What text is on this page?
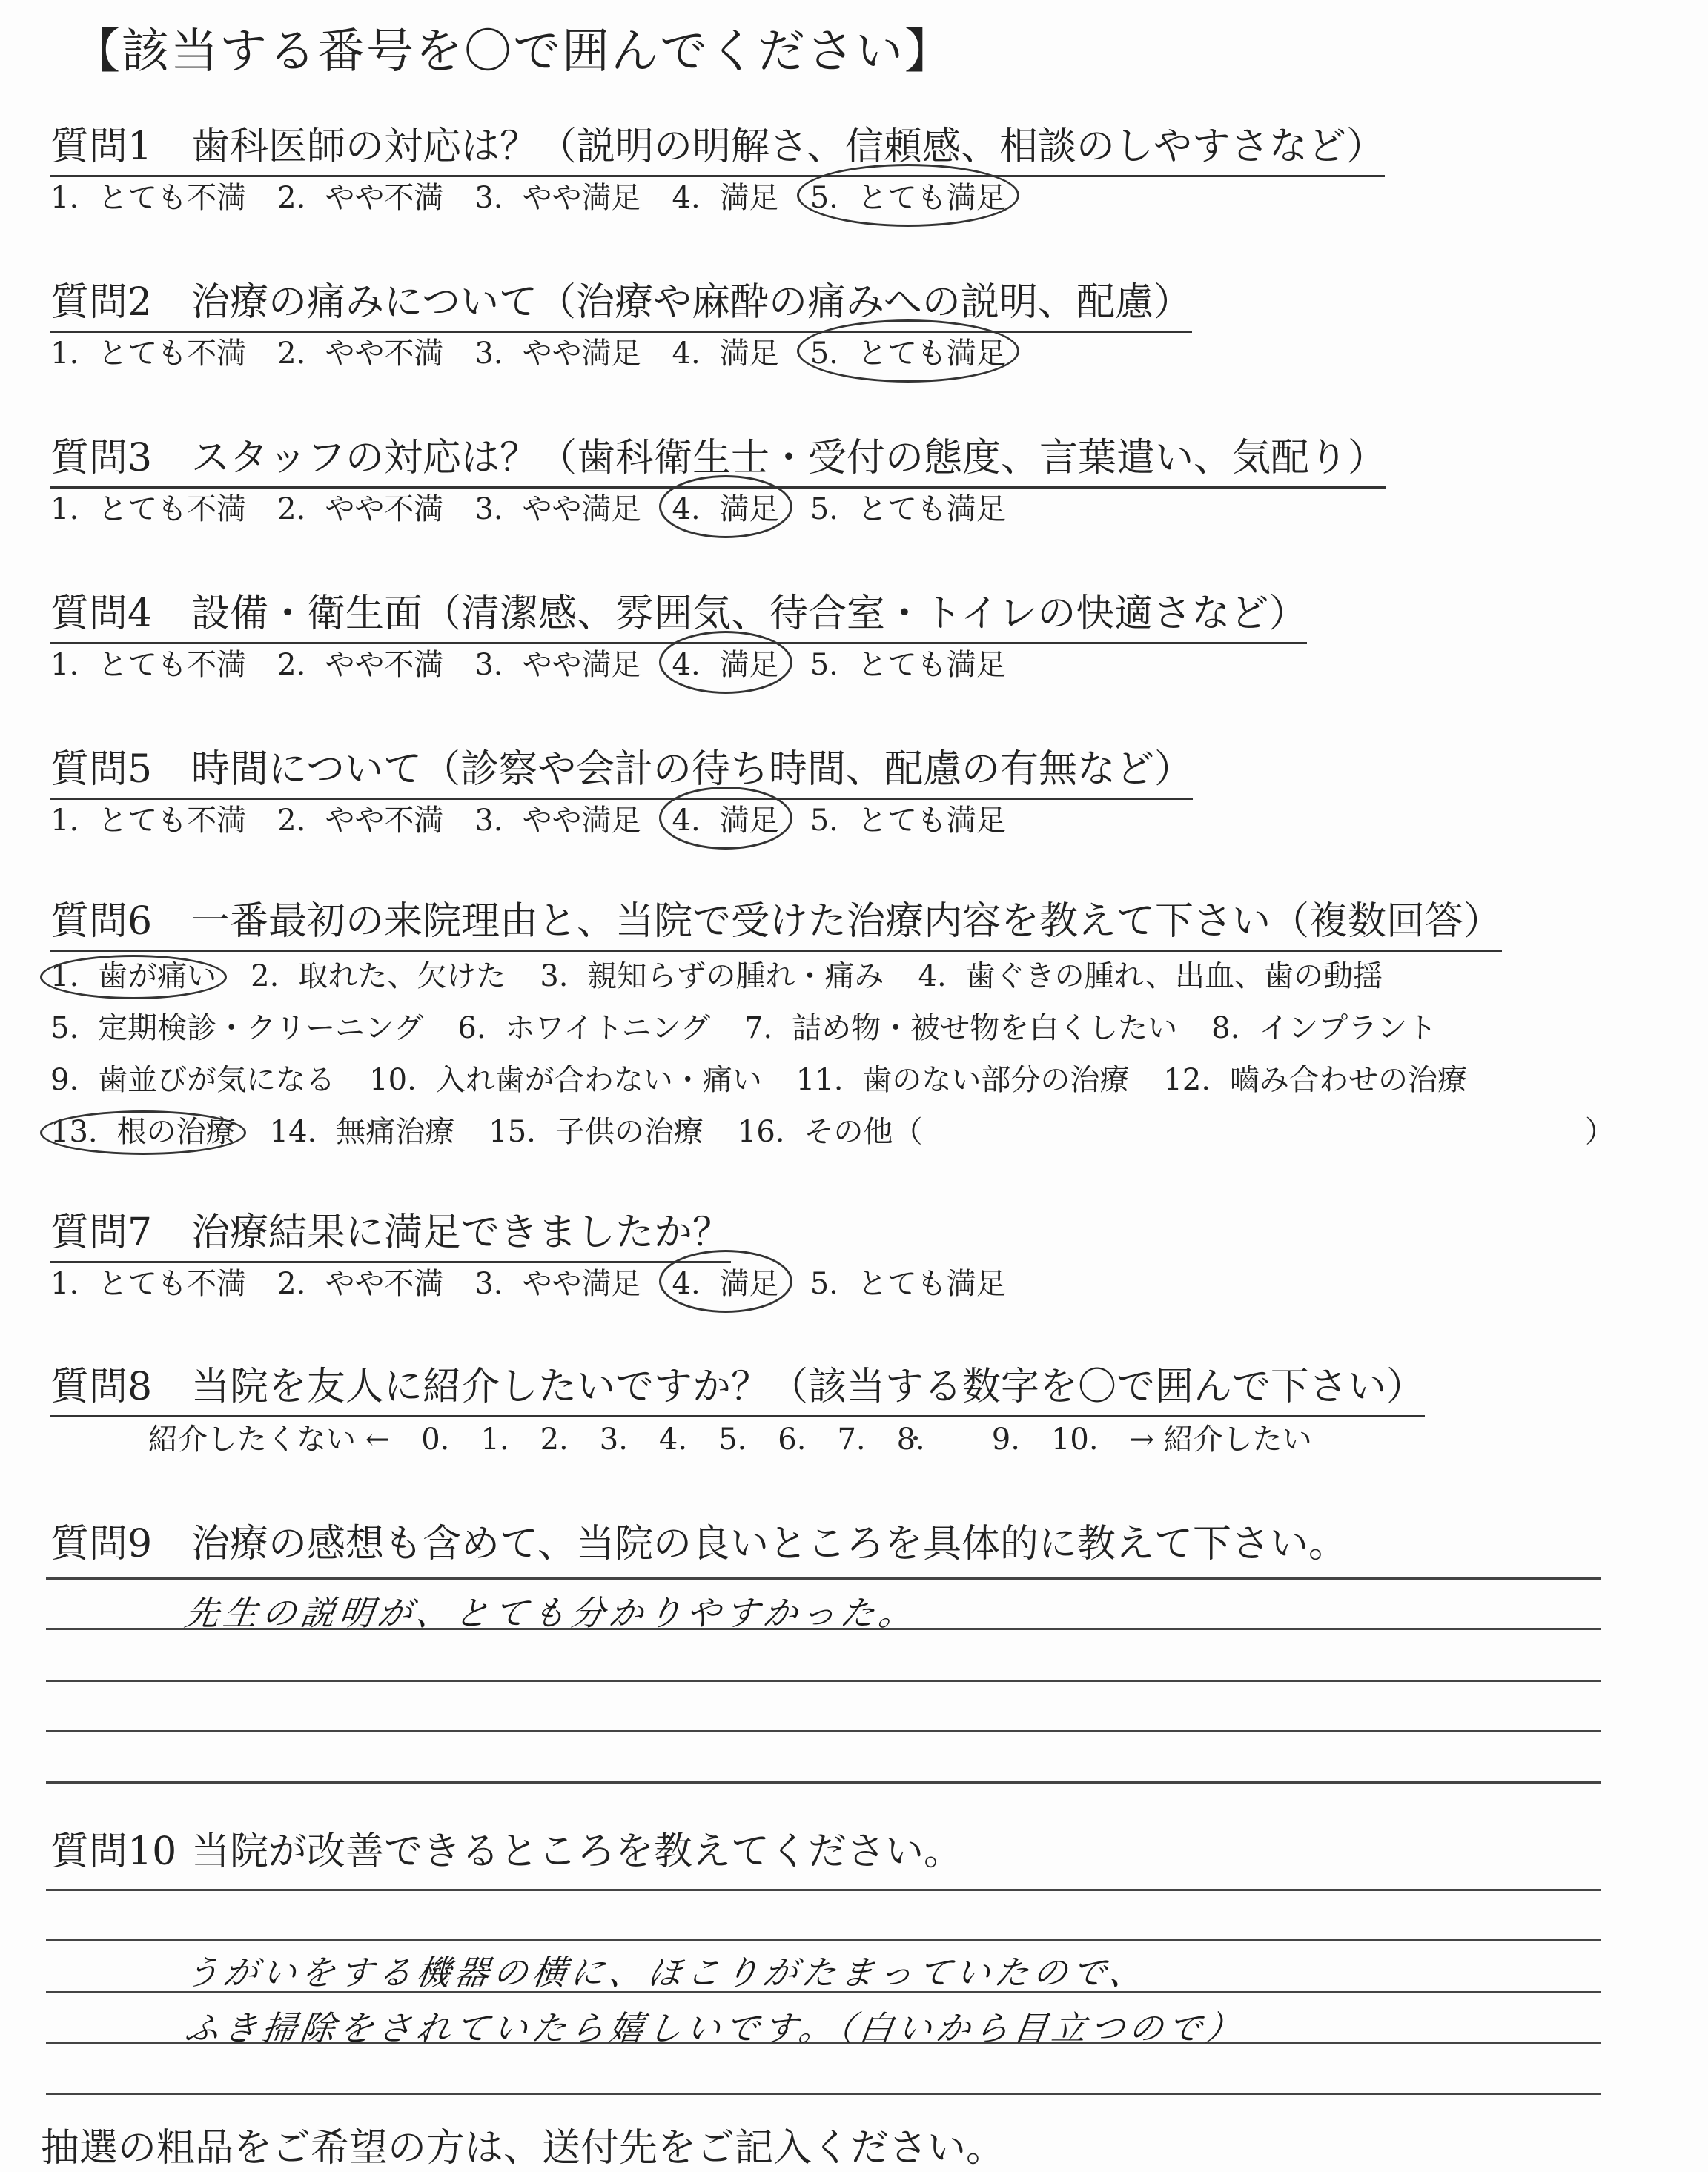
【該当する番号を〇で囲んでください】
質問1 歯科医師の対応は？（説明の明解さ、信頼感、相談のしやすさなど）
1. とても不満 2. やや不満 3. やや満足 4. 満足 5. とても満足
質問2 治療の痛みについて（治療や麻酔の痛みへの説明、配慮）
1. とても不満 2. やや不満 3. やや満足 4. 満足 5. とても満足
質問3 スタッフの対応は？（歯科衛生士・受付の態度、言葉遣い、気配り）
1. とても不満 2. やや不満 3. やや満足 4. 満足 5. とても満足
質問4 設備・衛生面（清潔感、雰囲気、待合室・トイレの快適さなど）
1. とても不満 2. やや不満 3. やや満足 4. 満足 5. とても満足
質問5 時間について（診察や会計の待ち時間、配慮の有無など）
1. とても不満 2. やや不満 3. やや満足 4. 満足 5. とても満足
質問6 一番最初の来院理由と、当院で受けた治療内容を教えて下さい（複数回答）
1. 歯が痛い 2. 取れた、欠けた 3. 親知らずの腫れ・痛み 4. 歯ぐきの腫れ、出血、歯の動揺
5. 定期検診・クリーニング 6. ホワイトニング 7. 詰め物・被せ物を白くしたい 8. インプラント
9. 歯並びが気になる 10. 入れ歯が合わない・痛い 11. 歯のない部分の治療 12. 嚙み合わせの治療
13. 根の治療 14. 無痛治療 15. 子供の治療 16. その他（	）
質問7 治療結果に満足できましたか？
1. とても不満 2. やや不満 3. やや満足 4. 満足 5. とても満足
質問8 当院を友人に紹介したいですか？（該当する数字を〇で囲んで下さい）
紹介したくない ← 0. 1. 2. 3. 4. 5. 6. 7. 8. 9. 10. → 紹介したい
質問9 治療の感想も含めて、当院の良いところを具体的に教えて下さい。
先生の説明が、とても分かりやすかった。
質問10 当院が改善できるところを教えてください。
うがいをする機器の横に、ほこりがたまっていたので、
ふき掃除をされていたら嬉しいです。（白いから目立つので）
抽選の粗品をご希望の方は、送付先をご記入ください。
